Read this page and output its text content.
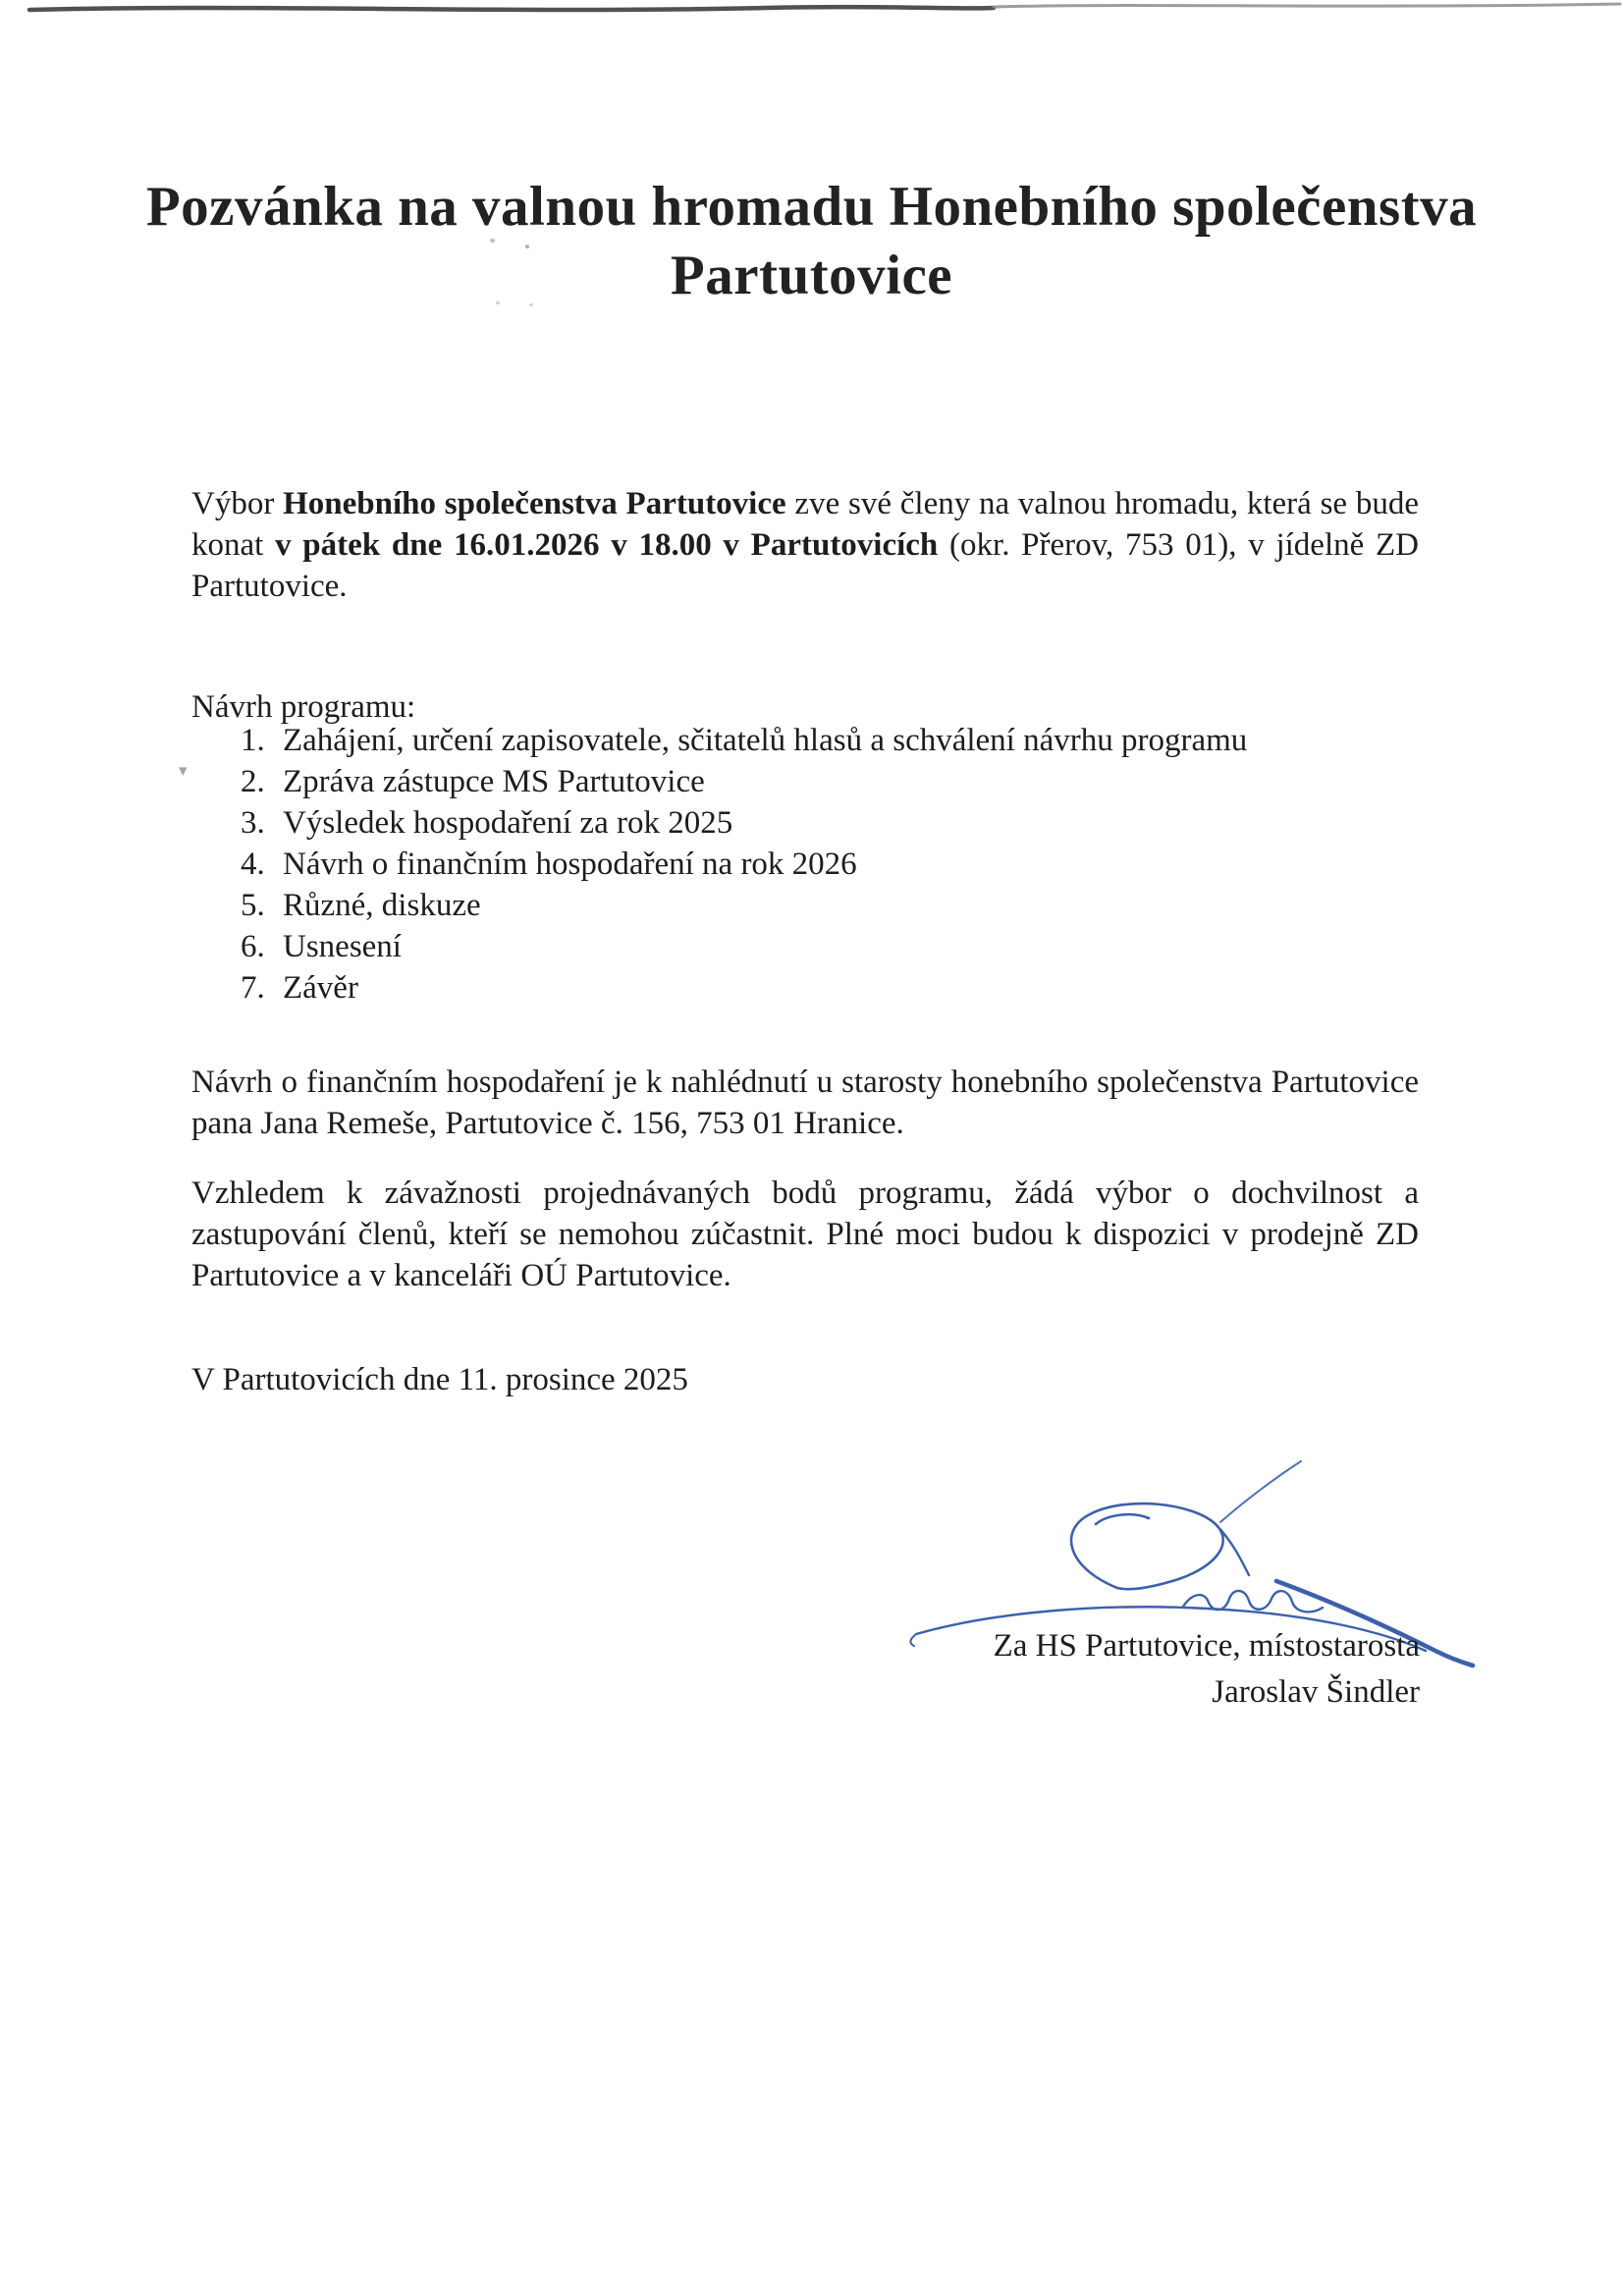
▾
Pozvánka na valnou hromadu Honebního společenstva
Partutovice

Výbor Honebního společenstva Partutovice zve své členy na valnou hromadu, která se bude konat v pátek dne 16.01.2026 v 18.00 v Partutovicích (okr. Přerov, 753 01), v jídelně ZD Partutovice.

Návrh programu:
1. Zahájení, určení zapisovatele, sčitatelů hlasů a schválení návrhu programu
2. Zpráva zástupce MS Partutovice
3. Výsledek hospodaření za rok 2025
4. Návrh o finančním hospodaření na rok 2026
5. Různé, diskuze
6. Usnesení
7. Závěr

Návrh o finančním hospodaření je k nahlédnutí u starosty honebního společenstva Partutovice pana Jana Remeše, Partutovice č. 156, 753 01 Hranice.

Vzhledem k závažnosti projednávaných bodů programu, žádá výbor o dochvilnost a zastupování členů, kteří se nemohou zúčastnit. Plné moci budou k dispozici v prodejně ZD Partutovice a v kanceláři OÚ Partutovice.

V Partutovicích dne 11. prosince 2025
Za HS Partutovice, místostarosta
Jaroslav Šindler
